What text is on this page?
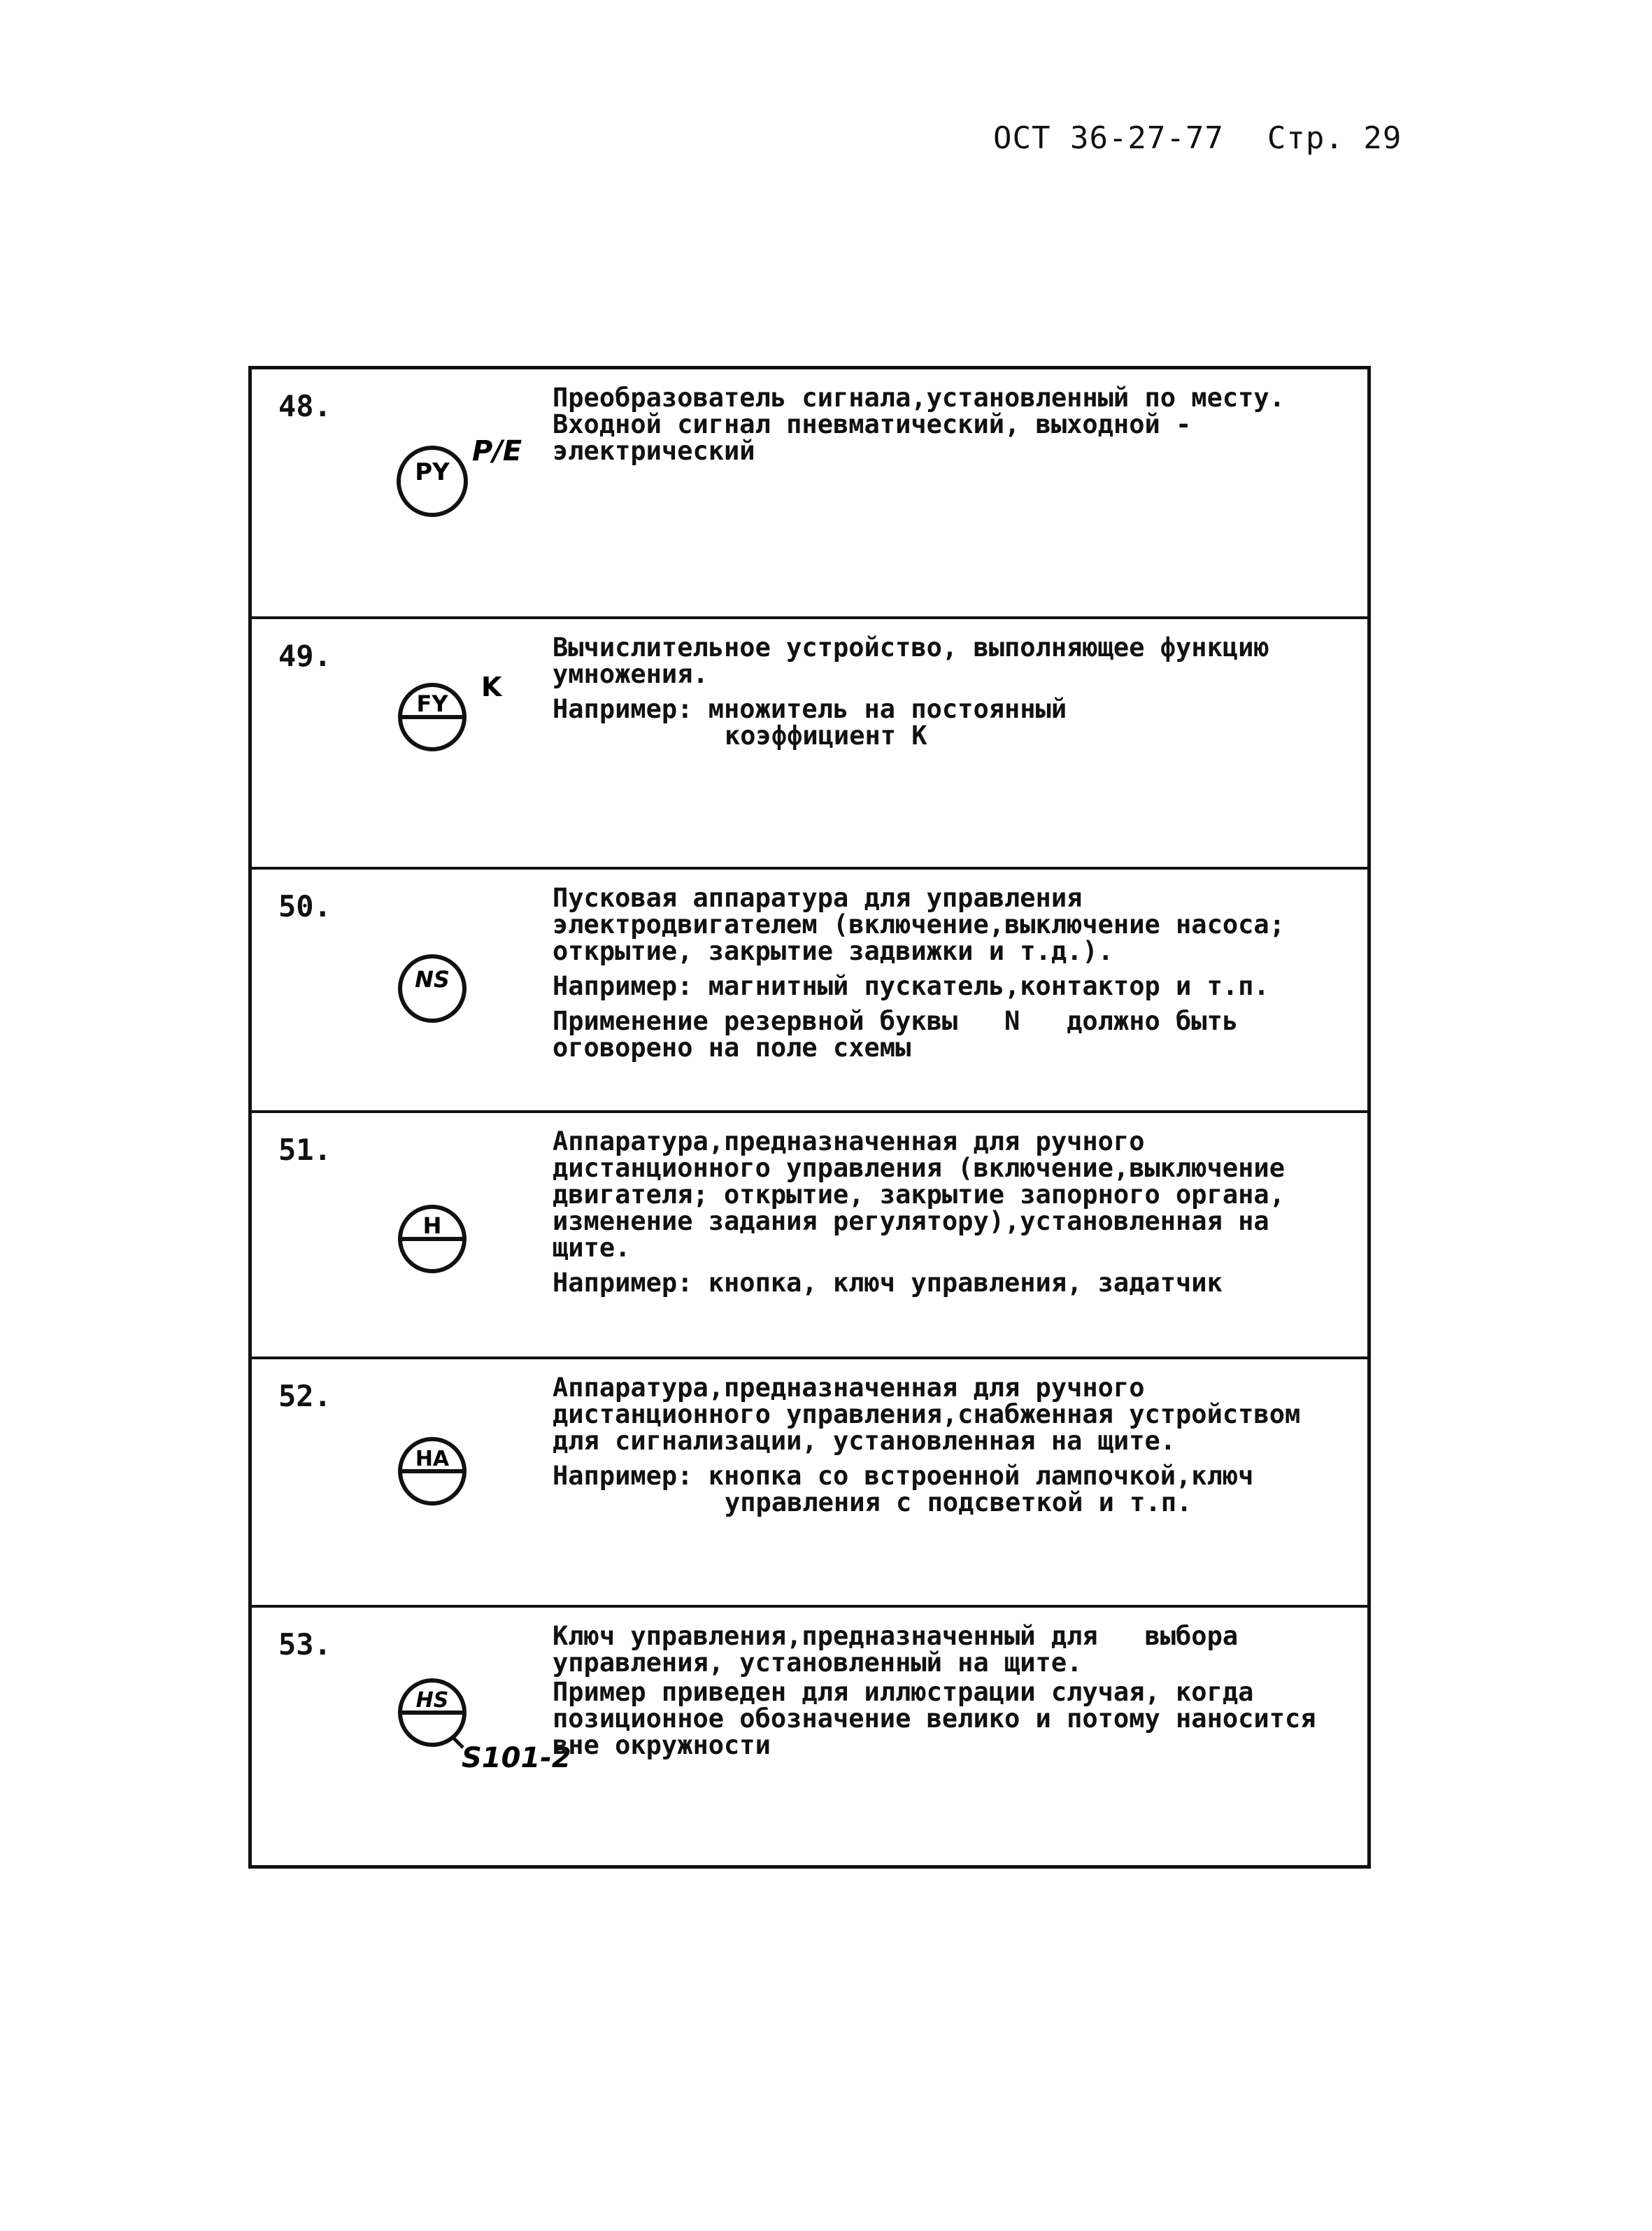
ОСТ 36-27-77 Стр. 29
48.
PY
P/E

Преобразователь сигнала,установленный по месту. Входной сигнал пневматический, выходной - электрический

49.
FY
K

Вычислительное устройство, выполняющее функцию умножения.

Например: множитель на постоянный

коэффициент K
50.
NS

Пусковая аппаратура для управления электродвигателем (включение,выключение насоса; открытие, закрытие задвижки и т.д.).

Например: магнитный пускатель,контактор и т.п.

Применение резервной буквы   N   должно быть оговорено на поле схемы

51.
H

Аппаратура,предназначенная для ручного дистанционного управления (включение,выключение двигателя; открытие, закрытие запорного органа, изменение задания регулятору),установленная на щите.

Например: кнопка, ключ управления, задатчик

52.
HA

Аппаратура,предназначенная для ручного дистанционного управления,снабженная устройством для сигнализации, установленная на щите.

Например: кнопка со встроенной лампочкой,ключ

управления с подсветкой и т.п.
53.
HS
S101-2

Ключ управления,предназначенный для   выбора управления, установленный на щите.

Пример приведен для иллюстрации случая, когда позиционное обозначение велико и потому наносится вне окружности
